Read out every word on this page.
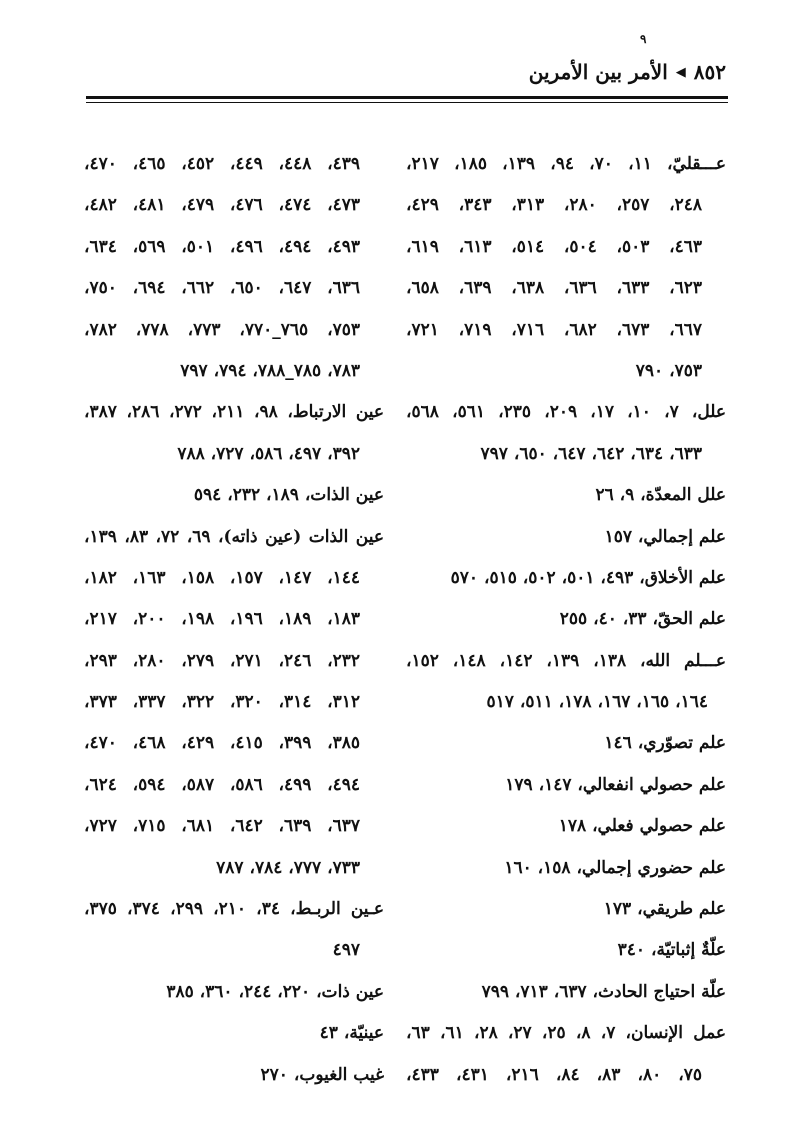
٩
٨٥٢
◀
الأمر بين الأمرين
عـــقليّ، ١١، ٧٠، ٩٤، ١٣٩، ١٨٥، ٢١٧،
٢٤٨، ٢٥٧، ٢٨٠، ٣١٣، ٣٤٣، ٤٢٩،
٤٦٣، ٥٠٣، ٥٠٤، ٥١٤، ٦١٣، ٦١٩،
٦٢٣، ٦٣٣، ٦٣٦، ٦٣٨، ٦٣٩، ٦٥٨،
٦٦٧، ٦٧٣، ٦٨٢، ٧١٦، ٧١٩، ٧٢١،
٧٥٣، ٧٩٠
علل، ٧، ١٠، ١٧، ٢٠٩، ٢٣٥، ٥٦١، ٥٦٨،
٦٣٣، ٦٣٤، ٦٤٢، ٦٤٧، ٦٥٠، ٧٩٧
علل المعدّة، ٩، ٢٦
علم إجمالي، ١٥٧
علم الأخلاق، ٤٩٣، ٥٠١، ٥٠٢، ٥١٥، ٥٧٠
علم الحقّ، ٣٣، ٤٠، ٢٥٥
عـــلم الله، ١٣٨، ١٣٩، ١٤٢، ١٤٨، ١٥٢،
١٦٤، ١٦٥، ١٦٧، ١٧٨، ٥١١، ٥١٧
علم تصوّري، ١٤٦
علم حصولي انفعالي، ١٤٧، ١٧٩
علم حصولي فعلي، ١٧٨
علم حضوري إجمالي، ١٥٨، ١٦٠
علم طريقي، ١٧٣
علّةٌ إثباتيّة، ٣٤٠
علّة احتياج الحادث، ٦٣٧، ٧١٣، ٧٩٩
عمل الإنسان، ٧، ٨، ٢٥، ٢٧، ٢٨، ٦١، ٦٣،
٧٥، ٨٠، ٨٣، ٨٤، ٢١٦، ٤٣١، ٤٣٣،
٤٣٩، ٤٤٨، ٤٤٩، ٤٥٢، ٤٦٥، ٤٧٠،
٤٧٣، ٤٧٤، ٤٧٦، ٤٧٩، ٤٨١، ٤٨٢،
٤٩٣، ٤٩٤، ٤٩٦، ٥٠١، ٥٦٩، ٦٣٤،
٦٣٦، ٦٤٧، ٦٥٠، ٦٦٢، ٦٩٤، ٧٥٠،
٧٥٣، ٧٦٥_٧٧٠، ٧٧٣، ٧٧٨، ٧٨٢،
٧٨٣، ٧٨٥_٧٨٨، ٧٩٤، ٧٩٧
عين الارتباط، ٩٨، ٢١١، ٢٧٢، ٢٨٦، ٣٨٧،
٣٩٢، ٤٩٧، ٥٨٦، ٧٢٧، ٧٨٨
عين الذات، ١٨٩، ٢٣٢، ٥٩٤
عين الذات (عين ذاته)، ٦٩، ٧٢، ٨٣، ١٣٩،
١٤٤، ١٤٧، ١٥٧، ١٥٨، ١٦٣، ١٨٢،
١٨٣، ١٨٩، ١٩٦، ١٩٨، ٢٠٠، ٢١٧،
٢٣٢، ٢٤٦، ٢٧١، ٢٧٩، ٢٨٠، ٢٩٣،
٣١٢، ٣١٤، ٣٢٠، ٣٢٢، ٣٣٧، ٣٧٣،
٣٨٥، ٣٩٩، ٤١٥، ٤٢٩، ٤٦٨، ٤٧٠،
٤٩٤، ٤٩٩، ٥٨٦، ٥٨٧، ٥٩٤، ٦٢٤،
٦٣٧، ٦٣٩، ٦٤٢، ٦٨١، ٧١٥، ٧٢٧،
٧٣٣، ٧٧٧، ٧٨٤، ٧٨٧
عـين الربـط، ٣٤، ٢١٠، ٢٩٩، ٣٧٤، ٣٧٥،
٤٩٧
عين ذات، ٢٢٠، ٢٤٤، ٣٦٠، ٣٨٥
عينيّة، ٤٣
غيب الغيوب، ٢٧٠
